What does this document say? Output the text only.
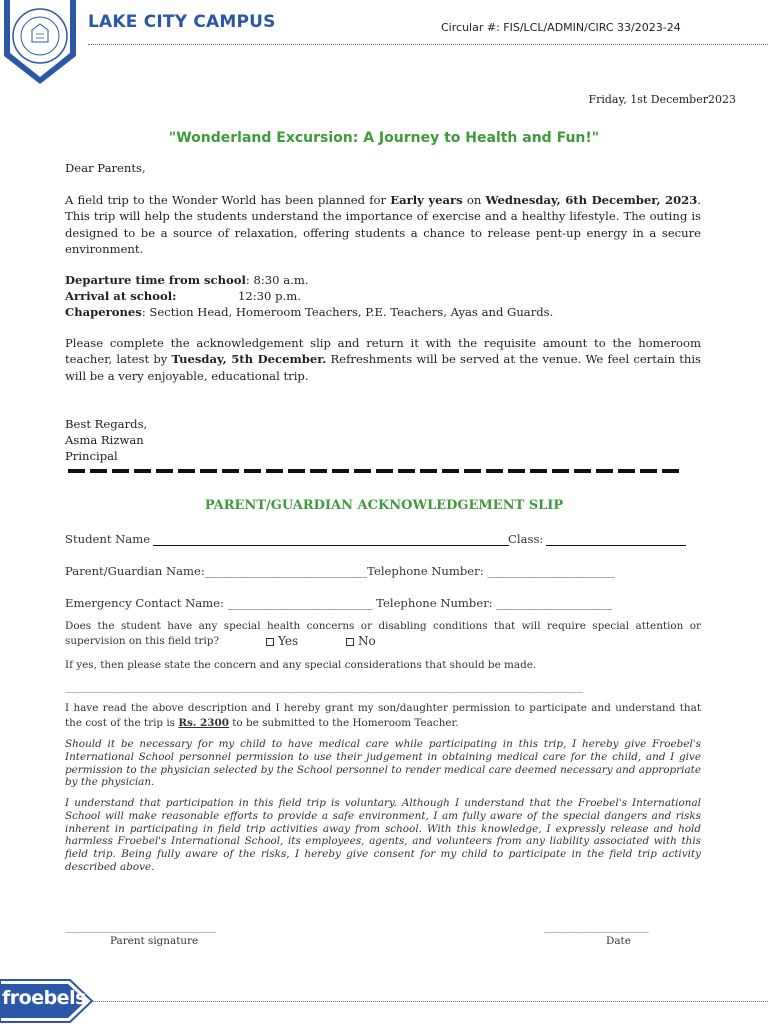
LAKE CITY CAMPUS	Circular #: FIS/LCL/ADMIN/CIRC 33/2023-24
Friday, 1st December2023
"Wonderland Excursion: A Journey to Health and Fun!"
Dear Parents,
A field trip to the Wonder World has been planned for Early years on Wednesday, 6th December, 2023. This trip will help the students understand the importance of exercise and a healthy lifestyle. The outing is designed to be a source of relaxation, offering students a chance to release pent-up energy in a secure environment.
Departure time from school: 8:30 a.m.
Arrival at school:	12:30 p.m.
Chaperones: Section Head, Homeroom Teachers, P.E. Teachers, Ayas and Guards.
Please complete the acknowledgement slip and return it with the requisite amount to the homeroom teacher, latest by Tuesday, 5th December. Refreshments will be served at the venue. We feel certain this will be a very enjoyable, educational trip.
Best Regards,
Asma Rizwan
Principal
PARENT/GUARDIAN ACKNOWLEDGEMENT SLIP
Student Name	Class:
Parent/Guardian Name:____________________________Telephone Number: ______________________
Emergency Contact Name: _________________________ Telephone Number: ____________________
Does the student have any special health concerns or disabling conditions that will require special attention or supervision on this field trip?	Yes	No
If yes, then please state the concern and any special considerations that should be made.
_______________________________________________________________________________________________________
I have read the above description and I hereby grant my son/daughter permission to participate and understand that the cost of the trip is Rs. 2300 to be submitted to the Homeroom Teacher.
Should it be necessary for my child to have medical care while participating in this trip, I hereby give Froebel's International School personnel permission to use their judgement in obtaining medical care for the child, and I give permission to the physician selected by the School personnel to render medical care deemed necessary and appropriate by the physician.
I understand that participation in this field trip is voluntary. Although I understand that the Froebel's International School will make reasonable efforts to provide a safe environment, I am fully aware of the special dangers and risks inherent in participating in field trip activities away from school. With this knowledge, I expressly release and hold harmless Froebel's International School, its employees, agents, and volunteers from any liability associated with this field trip. Being fully aware of the risks, I hereby give consent for my child to participate in the field trip activity described above.
______________________________
Parent signature
_____________________
Date
froebels
